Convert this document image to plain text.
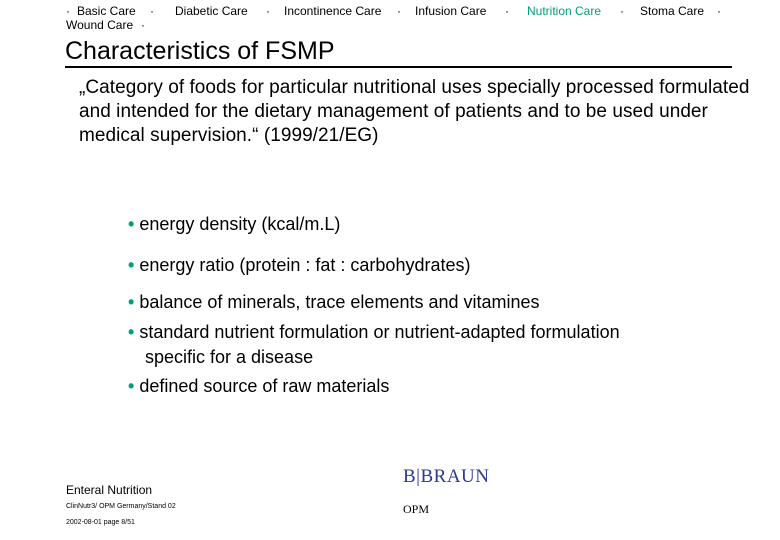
· Basic Care · Diabetic Care · Incontinence Care · Infusion Care · Nutrition Care · Stoma Care ·
Wound Care ·
Characteristics of FSMP

„Category of foods for particular nutritional uses specially processed formulated and intended for the dietary management of patients and to be used under medical supervision.“ (1999/21/EG)

• energy density (kcal/m.L)
• energy ratio (protein : fat : carbohydrates)
• balance of minerals, trace elements and vitamines
• standard nutrient formulation or nutrient-adapted formulation
specific for a disease
• defined source of raw materials
Enteral Nutrition
ClinNutr3/ OPM Germany/Stand 02
2002-08-01 page 8/51
B|BRAUN
OPM
